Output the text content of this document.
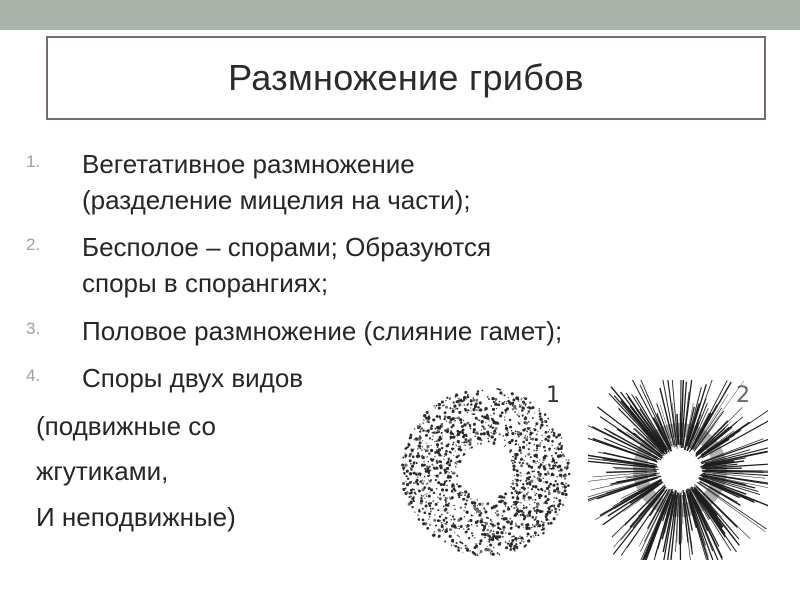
Размножение грибов
1.	Вегетативное размножение
(разделение мицелия на части);
2.	Бесполое – спорами; Образуются
споры в спорангиях;
3.	Половое размножение (слияние гамет);
4.	Споры двух видов
(подвижные со
жгутиками,
И неподвижные)
1	2
